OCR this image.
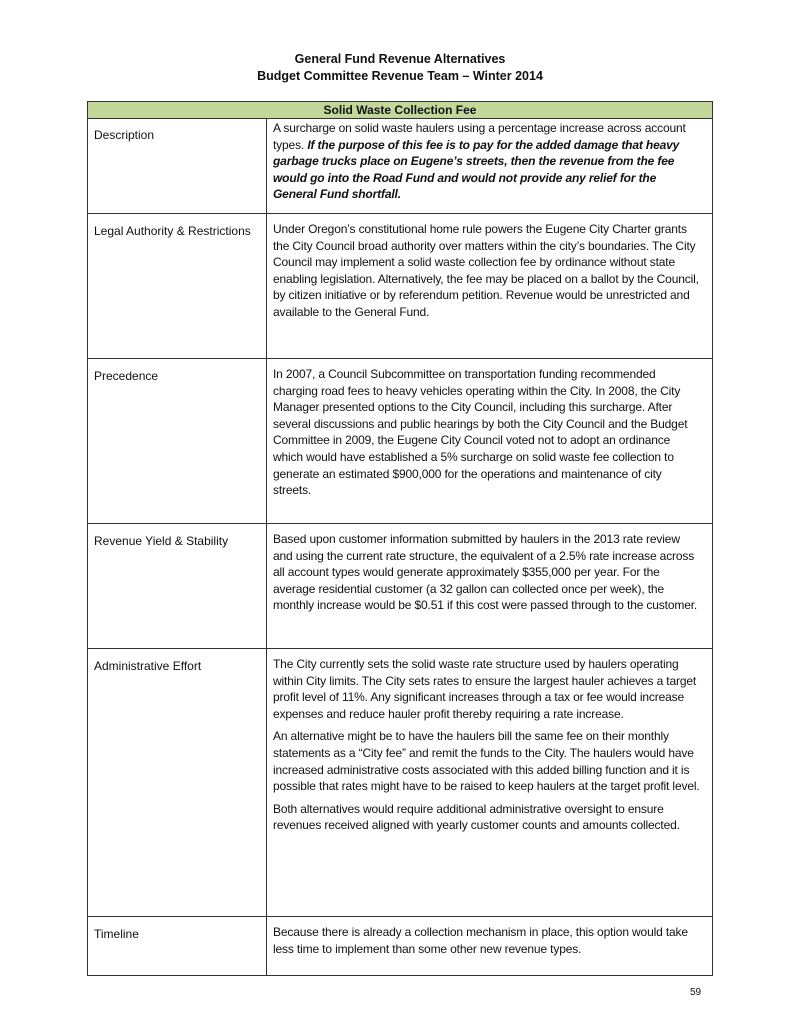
General Fund Revenue Alternatives
Budget Committee Revenue Team – Winter 2014
Solid Waste Collection Fee	
Description	A surcharge on solid waste haulers using a percentage increase across account types. If the purpose of this fee is to pay for the added damage that heavy garbage trucks place on Eugene’s streets, then the revenue from the fee would go into the Road Fund and would not provide any relief for the General Fund shortfall.

Legal Authority & Restrictions	Under Oregon’s constitutional home rule powers the Eugene City Charter grants the City Council broad authority over matters within the city’s boundaries. The City Council may implement a solid waste collection fee by ordinance without state enabling legislation. Alternatively, the fee may be placed on a ballot by the Council, by citizen initiative or by referendum petition. Revenue would be unrestricted and available to the General Fund.

Precedence	In 2007, a Council Subcommittee on transportation funding recommended charging road fees to heavy vehicles operating within the City. In 2008, the City Manager presented options to the City Council, including this surcharge. After several discussions and public hearings by both the City Council and the Budget Committee in 2009, the Eugene City Council voted not to adopt an ordinance which would have established a 5% surcharge on solid waste fee collection to generate an estimated $900,000 for the operations and maintenance of city streets.

Revenue Yield & Stability	Based upon customer information submitted by haulers in the 2013 rate review and using the current rate structure, the equivalent of a 2.5% rate increase across all account types would generate approximately $355,000 per year. For the average residential customer (a 32 gallon can collected once per week), the monthly increase would be $0.51 if this cost were passed through to the customer.

Administrative Effort	The City currently sets the solid waste rate structure used by haulers operating within City limits. The City sets rates to ensure the largest hauler achieves a target profit level of 11%. Any significant increases through a tax or fee would increase expenses and reduce hauler profit thereby requiring a rate increase.

An alternative might be to have the haulers bill the same fee on their monthly statements as a “City fee” and remit the funds to the City. The haulers would have increased administrative costs associated with this added billing function and it is possible that rates might have to be raised to keep haulers at the target profit level.

Both alternatives would require additional administrative oversight to ensure revenues received aligned with yearly customer counts and amounts collected.

Timeline	Because there is already a collection mechanism in place, this option would take less time to implement than some other new revenue types.

59
